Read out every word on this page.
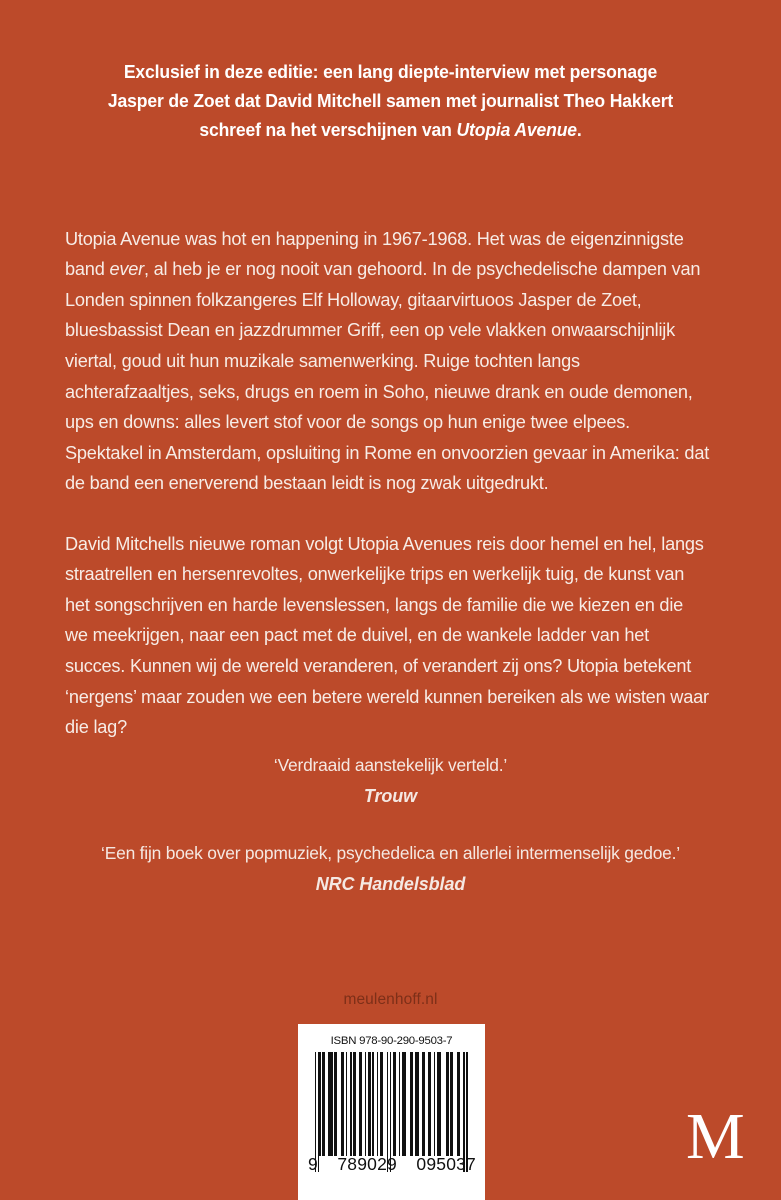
Exclusief in deze editie: een lang diepte-interview met personage
Jasper de Zoet dat David Mitchell samen met journalist Theo Hakkert
schreef na het verschijnen van Utopia Avenue.

Utopia Avenue was hot en happening in 1967-1968. Het was de eigenzinnigste band ever, al heb je er nog nooit van gehoord. In de psychedelische dampen van Londen spinnen folkzangeres Elf Holloway, gitaarvirtuoos Jasper de Zoet, bluesbassist Dean en jazzdrummer Griff, een op vele vlakken onwaarschijnlijk viertal, goud uit hun muzikale samenwerking. Ruige tochten langs achterafzaaltjes, seks, drugs en roem in Soho, nieuwe drank en oude demonen, ups en downs: alles levert stof voor de songs op hun enige twee elpees. Spektakel in Amsterdam, opsluiting in Rome en onvoorzien gevaar in Amerika: dat de band een enerverend bestaan leidt is nog zwak uitgedrukt.

David Mitchells nieuwe roman volgt Utopia Avenues reis door hemel en hel, langs straatrellen en hersenrevoltes, onwerkelijke trips en werkelijk tuig, de kunst van het songschrijven en harde levenslessen, langs de familie die we kiezen en die we meekrijgen, naar een pact met de duivel, en de wankele ladder van het succes. Kunnen wij de wereld veranderen, of verandert zij ons? Utopia betekent ‘nergens’ maar zouden we een betere wereld kunnen bereiken als we wisten waar die lag?

‘Verdraaid aanstekelijk verteld.’
Trouw
‘Een fijn boek over popmuziek, psychedelica en allerlei intermenselijk gedoe.’
NRC Handelsblad
meulenhoff.nl
ISBN 978-90-290-9503-7
9 789029 095037	M
